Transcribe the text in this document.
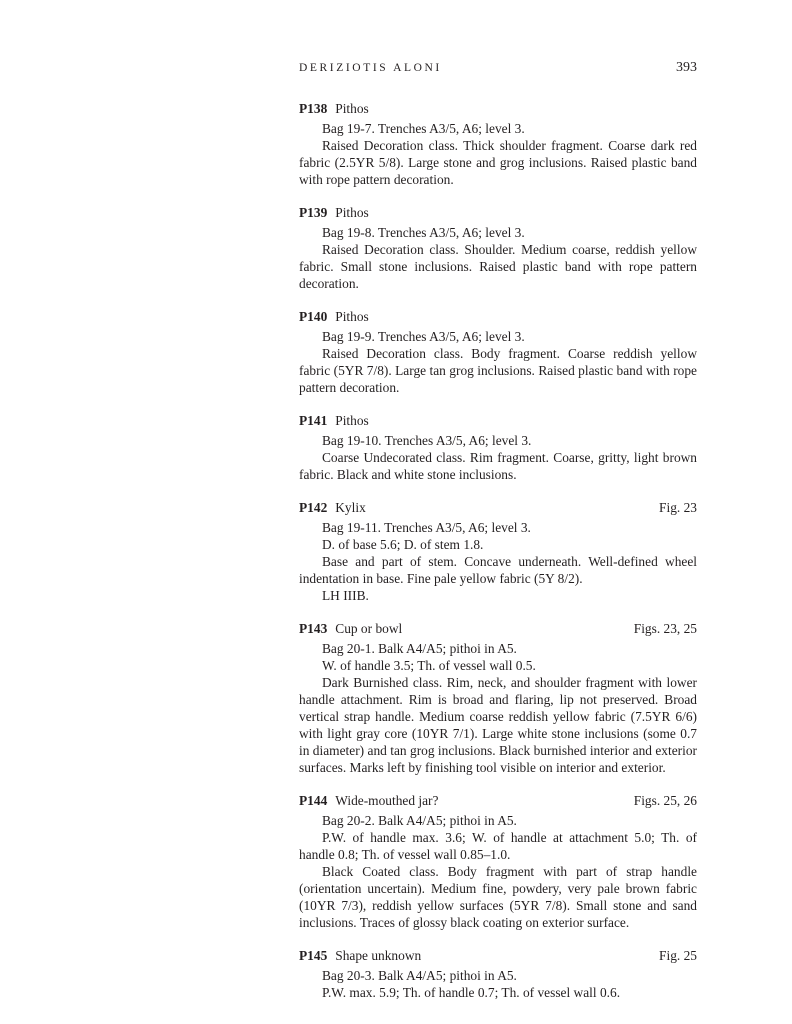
DERIZIOTIS ALONI	393
P138 Pithos

Bag 19-7. Trenches A3/5, A6; level 3.

Raised Decoration class. Thick shoulder fragment. Coarse dark red fabric (2.5YR 5/8). Large stone and grog inclusions. Raised plastic band with rope pattern decoration.

P139 Pithos

Bag 19-8. Trenches A3/5, A6; level 3.

Raised Decoration class. Shoulder. Medium coarse, reddish yellow fabric. Small stone inclusions. Raised plastic band with rope pattern decoration.

P140 Pithos

Bag 19-9. Trenches A3/5, A6; level 3.

Raised Decoration class. Body fragment. Coarse reddish yellow fabric (5YR 7/8). Large tan grog inclusions. Raised plastic band with rope pattern decoration.

P141 Pithos

Bag 19-10. Trenches A3/5, A6; level 3.

Coarse Undecorated class. Rim fragment. Coarse, gritty, light brown fabric. Black and white stone inclusions.

P142 Kylix	Fig. 23

Bag 19-11. Trenches A3/5, A6; level 3.

D. of base 5.6; D. of stem 1.8.

Base and part of stem. Concave underneath. Well-defined wheel indentation in base. Fine pale yellow fabric (5Y 8/2).

LH IIIB.

P143 Cup or bowl	Figs. 23, 25

Bag 20-1. Balk A4/A5; pithoi in A5.

W. of handle 3.5; Th. of vessel wall 0.5.

Dark Burnished class. Rim, neck, and shoulder fragment with lower handle attachment. Rim is broad and flaring, lip not preserved. Broad vertical strap handle. Medium coarse reddish yellow fabric (7.5YR 6/6) with light gray core (10YR 7/1). Large white stone inclusions (some 0.7 in diameter) and tan grog inclusions. Black burnished interior and exterior surfaces. Marks left by finishing tool visible on interior and exterior.

P144 Wide-mouthed jar?	Figs. 25, 26

Bag 20-2. Balk A4/A5; pithoi in A5.

P.W. of handle max. 3.6; W. of handle at attachment 5.0; Th. of handle 0.8; Th. of vessel wall 0.85–1.0.

Black Coated class. Body fragment with part of strap handle (orientation uncertain). Medium fine, powdery, very pale brown fabric (10YR 7/3), reddish yellow surfaces (5YR 7/8). Small stone and sand inclusions. Traces of glossy black coating on exterior surface.

P145 Shape unknown	Fig. 25

Bag 20-3. Balk A4/A5; pithoi in A5.

P.W. max. 5.9; Th. of handle 0.7; Th. of vessel wall 0.6.
